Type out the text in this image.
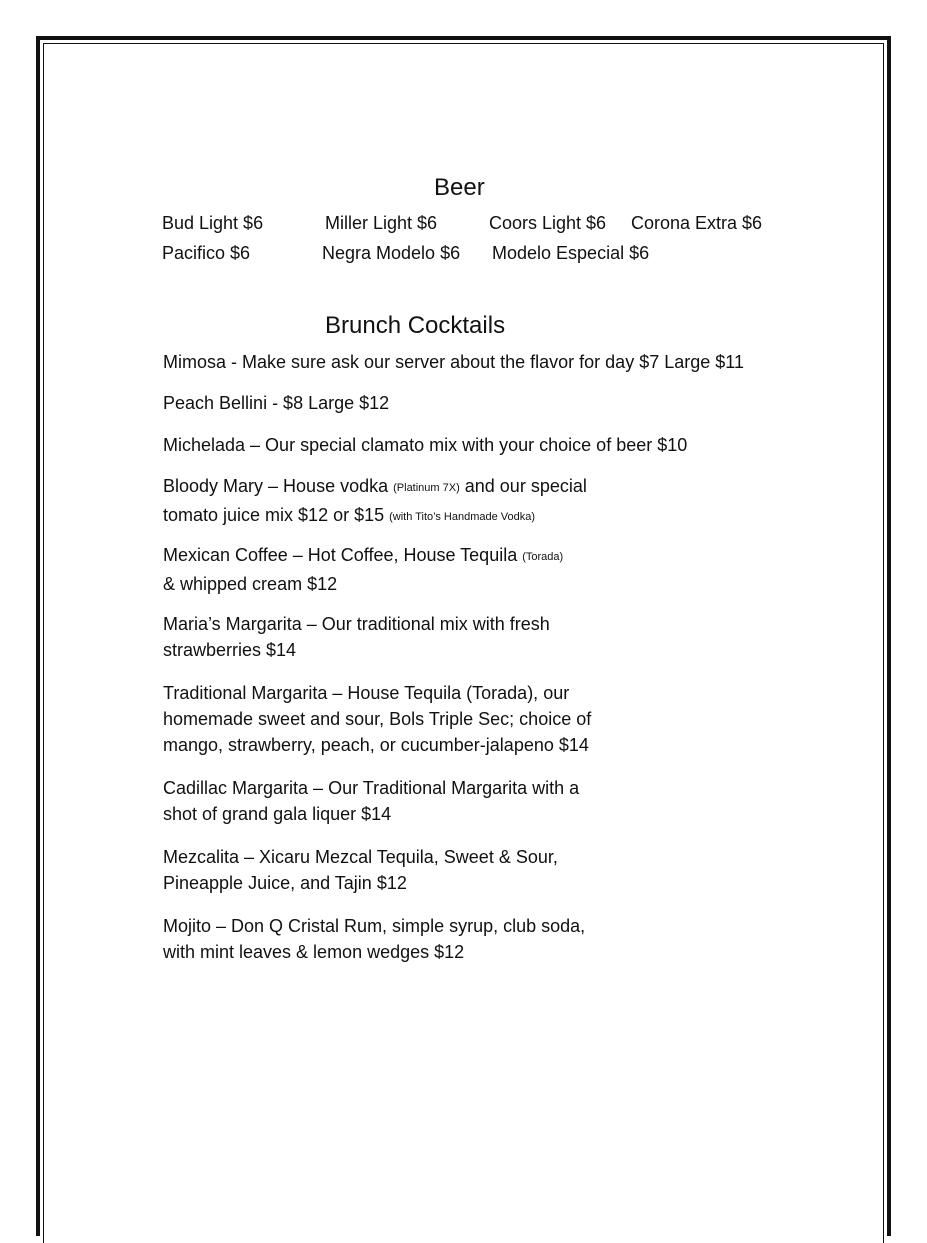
Beer
Bud Light $6	Miller Light $6	Coors Light $6 Corona Extra $6
Pacifico $6	Negra Modelo $6 Modelo Especial $6
Brunch Cocktails
Mimosa - Make sure ask our server about the flavor for day $7 Large $11
Peach Bellini - $8 Large $12
Michelada – Our special clamato mix with your choice of beer $10
Bloody Mary – House vodka (Platinum 7X) and our special
tomato juice mix $12 or $15 (with Tito’s Handmade Vodka)
Mexican Coffee – Hot Coffee, House Tequila (Torada)
& whipped cream $12
Maria’s Margarita – Our traditional mix with fresh
strawberries $14
Traditional Margarita – House Tequila (Torada), our
homemade sweet and sour, Bols Triple Sec; choice of
mango, strawberry, peach, or cucumber-jalapeno $14
Cadillac Margarita – Our Traditional Margarita with a
shot of grand gala liquer $14
Mezcalita – Xicaru Mezcal Tequila, Sweet & Sour,
Pineapple Juice, and Tajin $12
Mojito – Don Q Cristal Rum, simple syrup, club soda,
with mint leaves & lemon wedges $12
